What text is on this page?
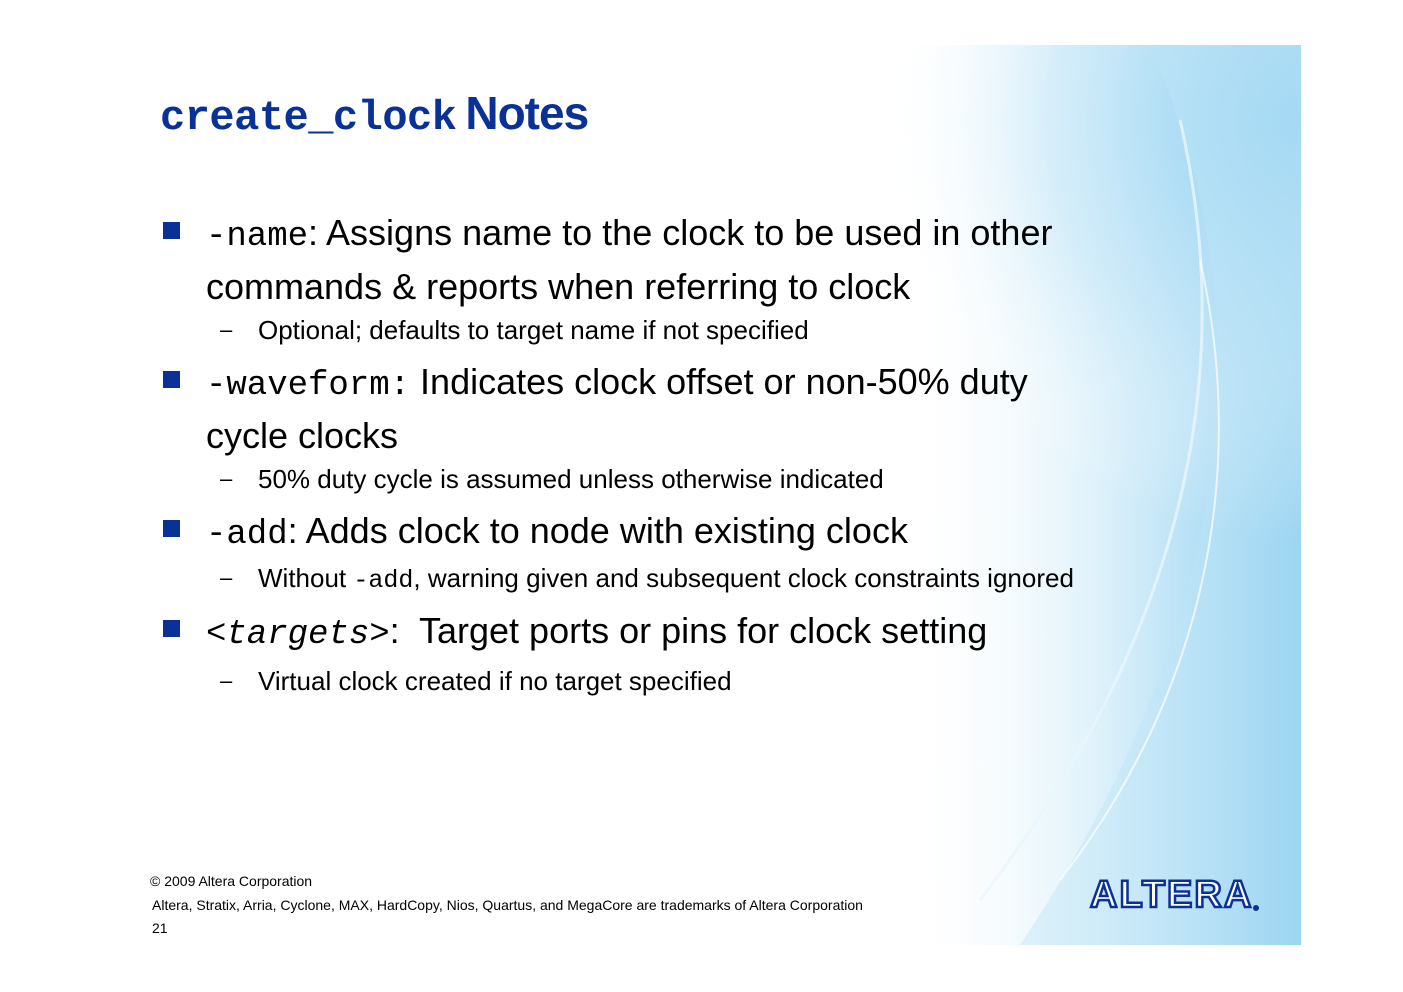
create_clock Notes
-name: Assigns name to the clock to be used in other
commands & reports when referring to clock
– Optional; defaults to target name if not specified
-waveform: Indicates clock offset or non-50% duty
cycle clocks
– 50% duty cycle is assumed unless otherwise indicated
-add: Adds clock to node with existing clock
– Without -add, warning given and subsequent clock constraints ignored
<targets>:  Target ports or pins for clock setting
– Virtual clock created if no target specified
© 2009 Altera Corporation
Altera, Stratix, Arria, Cyclone, MAX, HardCopy, Nios, Quartus, and MegaCore are trademarks of Altera Corporation
21
ALTERA
